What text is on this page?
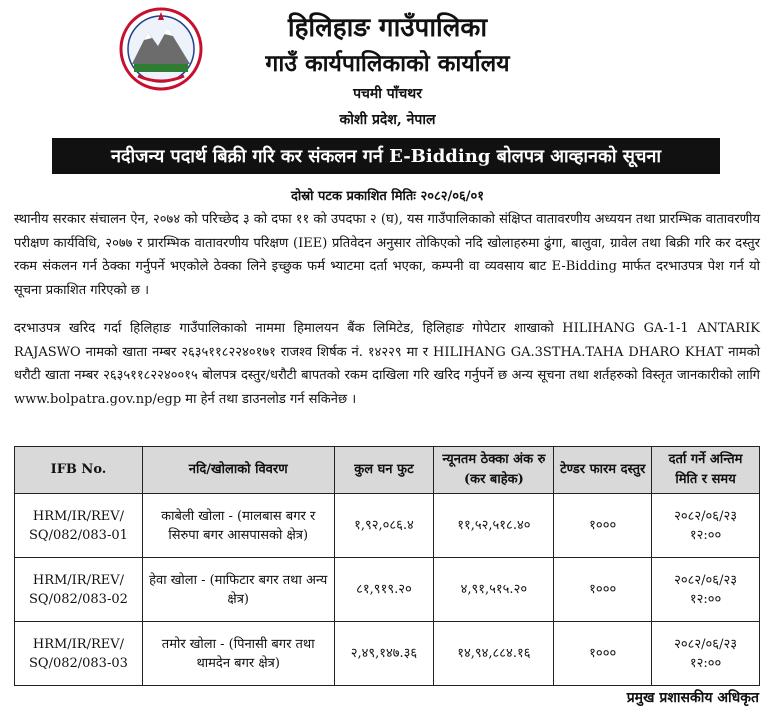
हिलिहाङ गाउँपालिका
गाउँ कार्यपालिकाको कार्यालय
पचमी पाँचथर
कोशी प्रदेश, नेपाल
नदीजन्य पदार्थ बिक्री गरि कर संकलन गर्न E-Bidding बोलपत्र आव्हानको सूचना
दोस्रो पटक प्रकाशित मितिः २०८२/०६/०१

स्थानीय सरकार संचालन ऐन, २०७४ को परिच्छेद ३ को दफा ११ को उपदफा २ (घ), यस गाउँपालिकाको संक्षिप्त वातावरणीय अध्ययन तथा प्रारम्भिक वातावरणीय परीक्षण कार्यविधि, २०७७ र प्रारम्भिक वातावरणीय परिक्षण (IEE) प्रतिवेदन अनुसार तोकिएको नदि खोलाहरुमा ढुंगा, बालुवा, ग्रावेल तथा बिक्री गरि कर दस्तुर रकम संकलन गर्न ठेक्का गर्नुपर्ने भएकोले ठेक्का लिने इच्छुक फर्म भ्याटमा दर्ता भएका, कम्पनी वा व्यवसाय बाट E-Bidding मार्फत दरभाउपत्र पेश गर्न यो सूचना प्रकाशित गरिएको छ ।

दरभाउपत्र खरिद गर्दा हिलिहाङ गाउँपालिकाको नाममा हिमालयन बैंक लिमिटेड, हिलिहाङ गोपेटार शाखाको HILIHANG GA-1-1 ANTARIK RAJASWO नामको खाता नम्बर २६३५११८२२४०१७१ राजश्व शिर्षक नं. १४२२९ मा र HILIHANG GA.3STHA.TAHA DHARO KHAT नामको धरौटी खाता नम्बर २६३५११८२२४००१५ बोलपत्र दस्तुर/धरौटी बापतको रकम दाखिला गरि खरिद गर्नुपर्ने छ अन्य सूचना तथा शर्तहरुको विस्तृत जानकारीको लागि www.bolpatra.gov.np/egp मा हेर्न तथा डाउनलोड गर्न सकिनेछ ।

IFB No.	नदि/खोलाको विवरण	कुल घन फुट	न्यूनतम ठेक्का अंक रु (कर बाहेक)	टेण्डर फारम दस्तुर	दर्ता गर्ने अन्तिम मिति र समय
HRM/IR/REV/ SQ/082/083-01	काबेली खोला - (मालबास बगर र सिरुपा बगर आसपासको क्षेत्र)	१,९२,०८६.४	११,५२,५१८.४०	१०००	२०८२/०६/२३
१२:००

HRM/IR/REV/ SQ/082/083-02	हेवा खोला - (माफिटार बगर तथा अन्य क्षेत्र)	८१,९१९.२०	४,९१,५१५.२०	१०००	२०८२/०६/२३
१२:००

HRM/IR/REV/ SQ/082/083-03	तमोर खोला - (पिनासी बगर तथा थामदेन बगर क्षेत्र)	२,४९,१४७.३६	१४,९४,८८४.१६	१०००	२०८२/०६/२३
१२:००
प्रमुख प्रशासकीय अधिकृत
